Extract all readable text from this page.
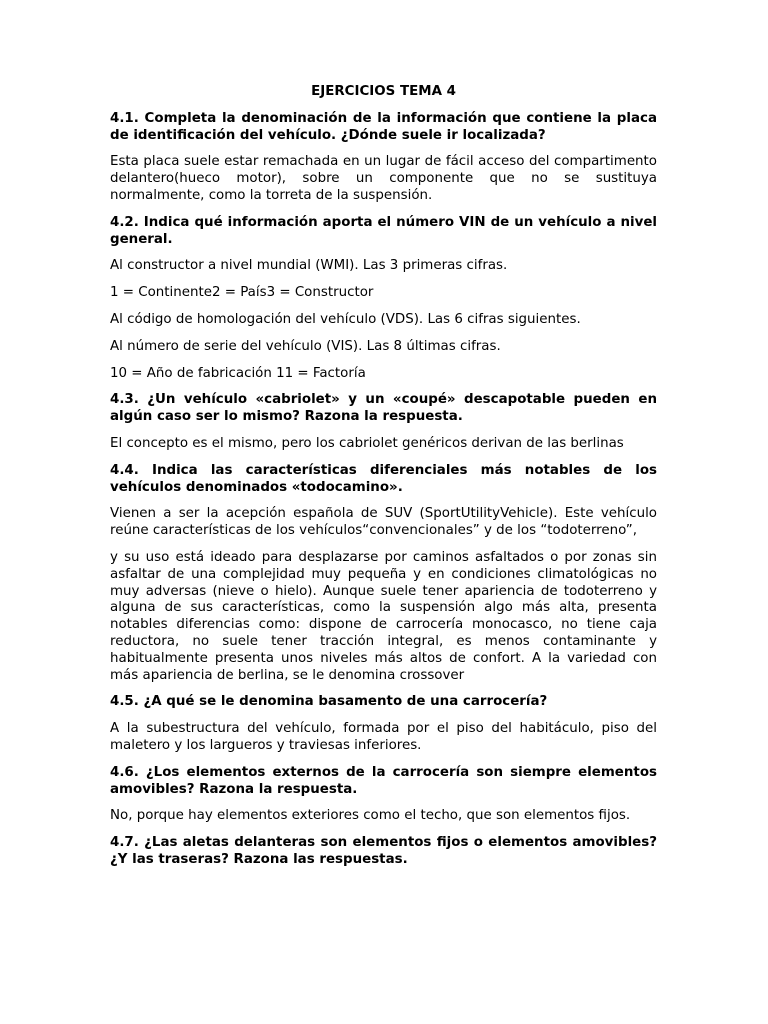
EJERCICIOS TEMA 4

4.1. Completa la denominación de la información que contiene la placa de identificación del vehículo. ¿Dónde suele ir localizada?

Esta placa suele estar remachada en un lugar de fácil acceso del compartimento delantero(hueco motor), sobre un componente que no se sustituya normalmente, como la torreta de la suspensión.

4.2. Indica qué información aporta el número VIN de un vehículo a nivel general.

Al constructor a nivel mundial (WMI). Las 3 primeras cifras.

1 = Continente2 = País3 = Constructor

Al código de homologación del vehículo (VDS). Las 6 cifras siguientes.

Al número de serie del vehículo (VIS). Las 8 últimas cifras.

10 = Año de fabricación 11 = Factoría

4.3. ¿Un vehículo «cabriolet» y un «coupé» descapotable pueden en algún caso ser lo mismo? Razona la respuesta.

El concepto es el mismo, pero los cabriolet genéricos derivan de las berlinas

4.4. Indica las características diferenciales más notables de los vehículos denominados «todocamino».

Vienen a ser la acepción española de SUV (SportUtilityVehicle). Este vehículo reúne características de los vehículos“convencionales” y de los “todoterreno”,

y su uso está ideado para desplazarse por caminos asfaltados o por zonas sin asfaltar de una complejidad muy pequeña y en condiciones climatológicas no muy adversas (nieve o hielo). Aunque suele tener apariencia de todoterreno y alguna de sus características, como la suspensión algo más alta, presenta notables diferencias como: dispone de carrocería monocasco, no tiene caja reductora, no suele tener tracción integral, es menos contaminante y habitualmente presenta unos niveles más altos de confort. A la variedad con más apariencia de berlina, se le denomina crossover

4.5. ¿A qué se le denomina basamento de una carrocería?

A la subestructura del vehículo, formada por el piso del habitáculo, piso del maletero y los largueros y traviesas inferiores.

4.6. ¿Los elementos externos de la carrocería son siempre elementos amovibles? Razona la respuesta.

No, porque hay elementos exteriores como el techo, que son elementos fijos.

4.7. ¿Las aletas delanteras son elementos fijos o elementos amovibles? ¿Y las traseras? Razona las respuestas.
